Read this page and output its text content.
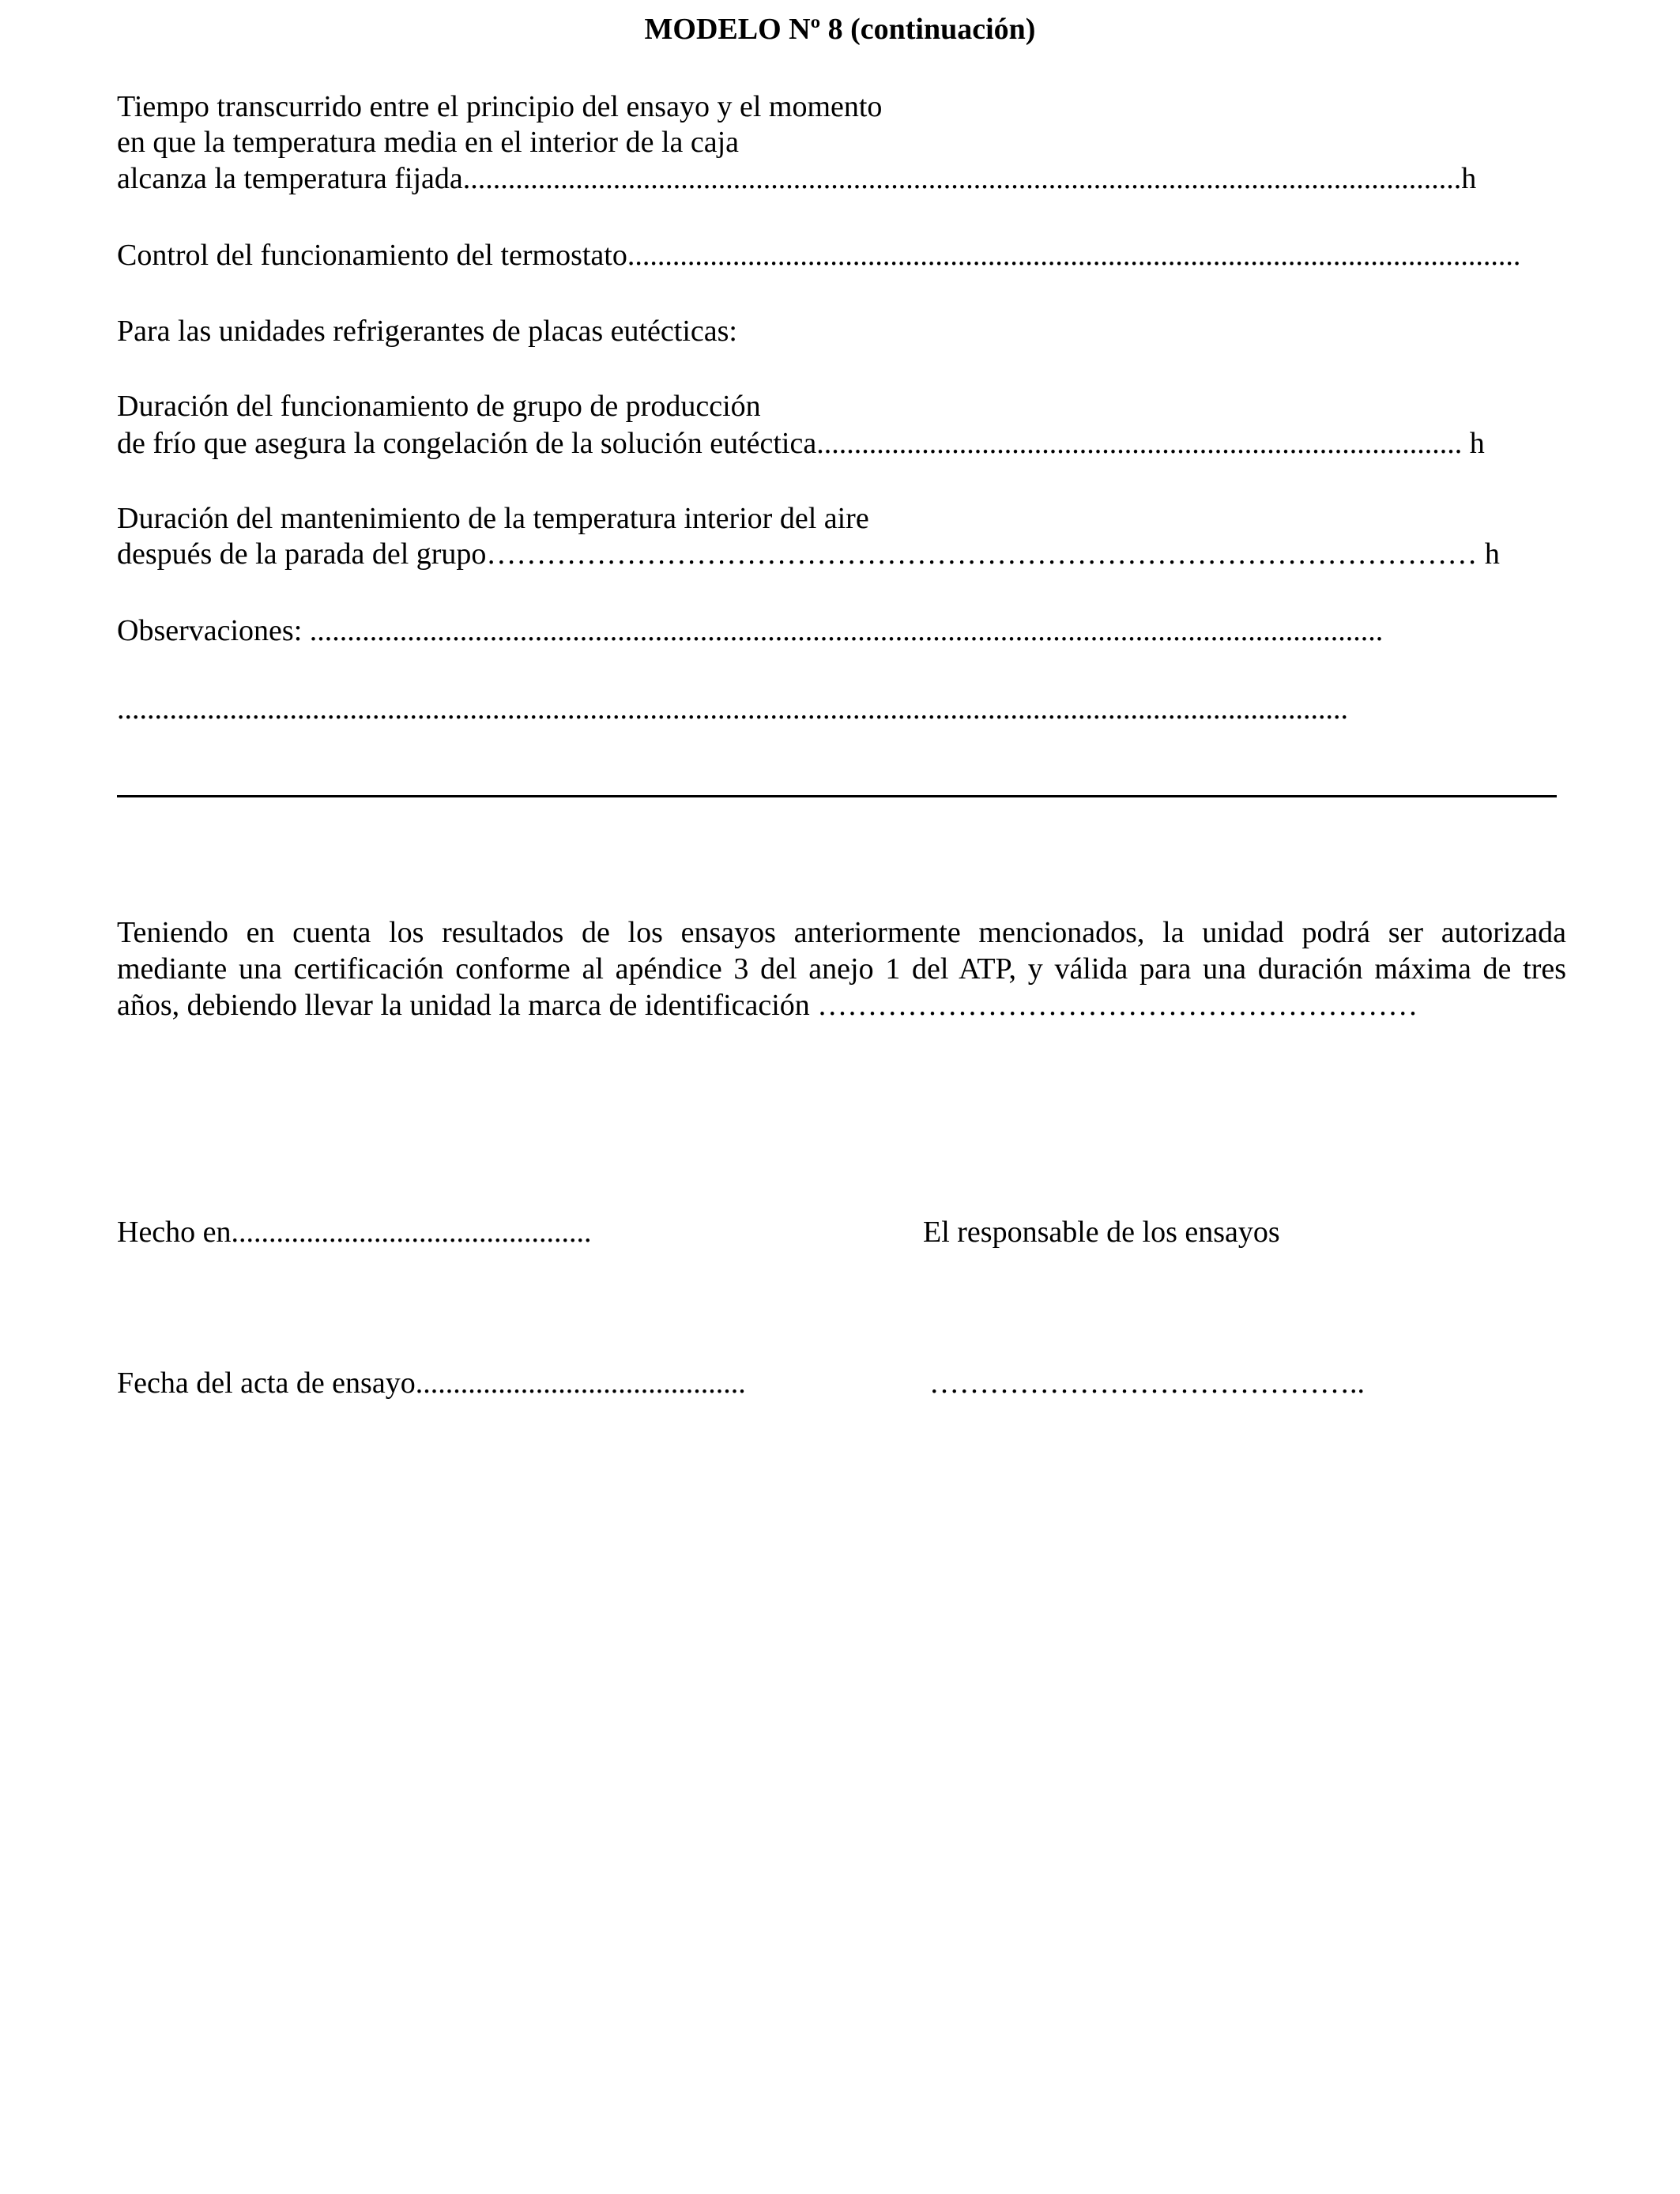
MODELO Nº 8 (continuación)
Tiempo transcurrido entre el principio del ensayo y el momento
en que la temperatura media en el interior de la caja
alcanza la temperatura fijada.....................................................................................................................................h
Control del funcionamiento del termostato.......................................................................................................................
Para las unidades refrigerantes de placas eutécticas:
Duración del funcionamiento de grupo de producción
de frío que asegura la congelación de la solución eutéctica...................................................................................... h
Duración del mantenimiento de la temperatura interior del aire
después de la parada del grupo……………………………………………………………………………………… h
Observaciones: ...............................................................................................................................................
....................................................................................................................................................................
Teniendo en cuenta los resultados de los ensayos anteriormente mencionados, la unidad podrá ser autorizada
mediante una certificación conforme al apéndice 3 del anejo 1 del ATP, y válida para una duración máxima de tres
años, debiendo llevar la unidad la marca de identificación ……………………………………………………
Hecho en................................................	El responsable de los ensayos
Fecha del acta de ensayo............................................	……………………………………..
